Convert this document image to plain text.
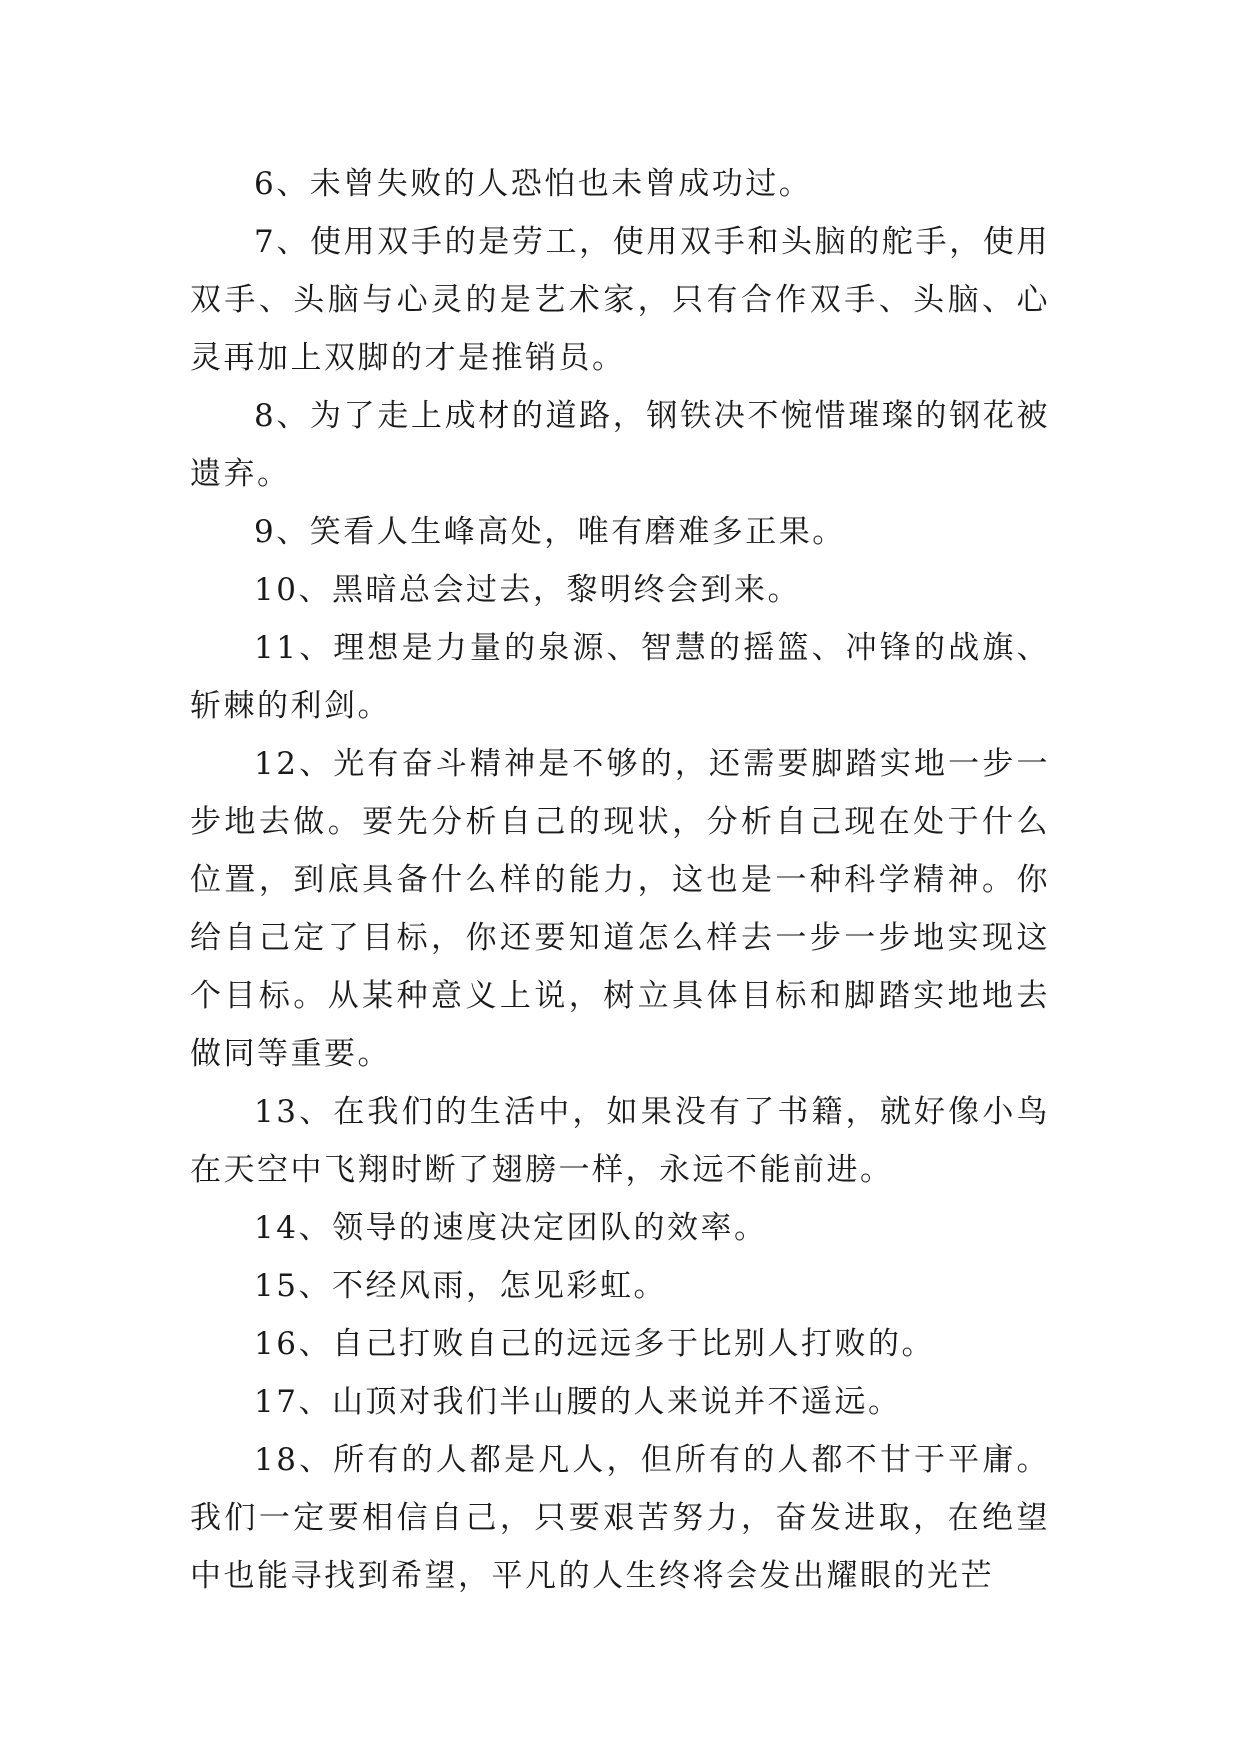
6、未曾失败的人恐怕也未曾成功过。

7、使用双手的是劳工，使用双手和头脑的舵手，使用双手、头脑与心灵的是艺术家，只有合作双手、头脑、心灵再加上双脚的才是推销员。

8、为了走上成材的道路，钢铁决不惋惜璀璨的钢花被遗弃。

9、笑看人生峰高处，唯有磨难多正果。

10、黑暗总会过去，黎明终会到来。

11、理想是力量的泉源、智慧的摇篮、冲锋的战旗、斩棘的利剑。

12、光有奋斗精神是不够的，还需要脚踏实地一步一步地去做。要先分析自己的现状，分析自己现在处于什么位置，到底具备什么样的能力，这也是一种科学精神。你给自己定了目标，你还要知道怎么样去一步一步地实现这个目标。从某种意义上说，树立具体目标和脚踏实地地去做同等重要。

13、在我们的生活中，如果没有了书籍，就好像小鸟在天空中飞翔时断了翅膀一样，永远不能前进。

14、领导的速度决定团队的效率。

15、不经风雨，怎见彩虹。

16、自己打败自己的远远多于比别人打败的。

17、山顶对我们半山腰的人来说并不遥远。

18、所有的人都是凡人，但所有的人都不甘于平庸。我们一定要相信自己，只要艰苦努力，奋发进取，在绝望中也能寻找到希望，平凡的人生终将会发出耀眼的光芒
